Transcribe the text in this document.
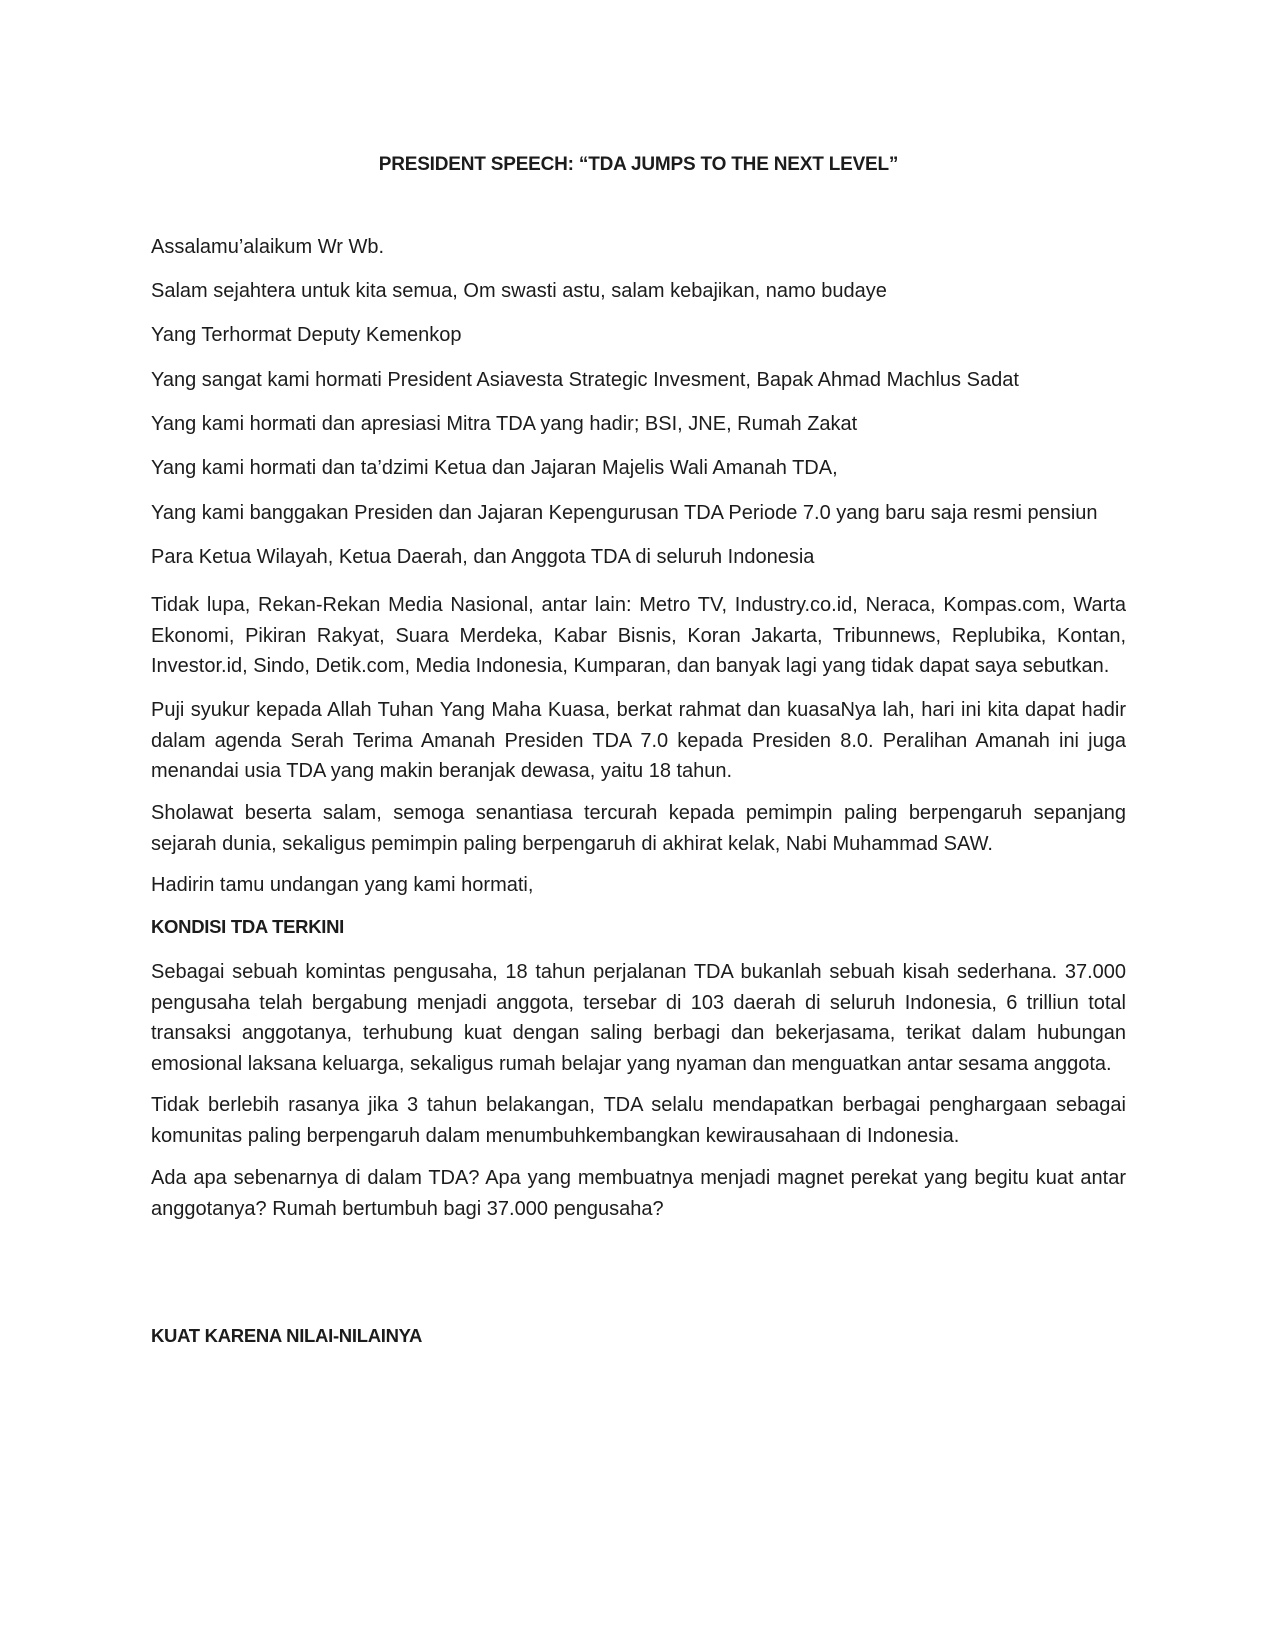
PRESIDENT SPEECH: “TDA JUMPS TO THE NEXT LEVEL”
Assalamu’alaikum Wr Wb.
Salam sejahtera untuk kita semua, Om swasti astu, salam kebajikan, namo budaye
Yang Terhormat Deputy Kemenkop
Yang sangat kami hormati President Asiavesta Strategic Invesment, Bapak Ahmad Machlus Sadat
Yang kami hormati dan apresiasi Mitra TDA yang hadir; BSI, JNE, Rumah Zakat
Yang kami hormati dan ta’dzimi Ketua dan Jajaran Majelis Wali Amanah TDA,
Yang kami banggakan Presiden dan Jajaran Kepengurusan TDA Periode 7.0 yang baru saja resmi pensiun
Para Ketua Wilayah, Ketua Daerah, dan Anggota TDA di seluruh Indonesia
Tidak lupa, Rekan-Rekan Media Nasional, antar lain: Metro TV, Industry.co.id, Neraca, Kompas.com, Warta Ekonomi, Pikiran Rakyat, Suara Merdeka, Kabar Bisnis, Koran Jakarta, Tribunnews, Replubika, Kontan, Investor.id, Sindo, Detik.com, Media Indonesia, Kumparan, dan banyak lagi yang tidak dapat saya sebutkan.
Puji syukur kepada Allah Tuhan Yang Maha Kuasa, berkat rahmat dan kuasaNya lah, hari ini kita dapat hadir dalam agenda Serah Terima Amanah Presiden TDA 7.0 kepada Presiden 8.0. Peralihan Amanah ini juga menandai usia TDA yang makin beranjak dewasa, yaitu 18 tahun.
Sholawat beserta salam, semoga senantiasa tercurah kepada pemimpin paling berpengaruh sepanjang sejarah dunia, sekaligus pemimpin paling berpengaruh di akhirat kelak, Nabi Muhammad SAW.
Hadirin tamu undangan yang kami hormati,
KONDISI TDA TERKINI
Sebagai sebuah komintas pengusaha, 18 tahun perjalanan TDA bukanlah sebuah kisah sederhana. 37.000 pengusaha telah bergabung menjadi anggota, tersebar di 103 daerah di seluruh Indonesia, 6 trilliun total transaksi anggotanya, terhubung kuat dengan saling berbagi dan bekerjasama, terikat dalam hubungan emosional laksana keluarga, sekaligus rumah belajar yang nyaman dan menguatkan antar sesama anggota.
Tidak berlebih rasanya jika 3 tahun belakangan, TDA selalu mendapatkan berbagai penghargaan sebagai komunitas paling berpengaruh dalam menumbuhkembangkan kewirausahaan di Indonesia.
Ada apa sebenarnya di dalam TDA? Apa yang membuatnya menjadi magnet perekat yang begitu kuat antar anggotanya? Rumah bertumbuh bagi 37.000 pengusaha?
KUAT KARENA NILAI-NILAINYA
